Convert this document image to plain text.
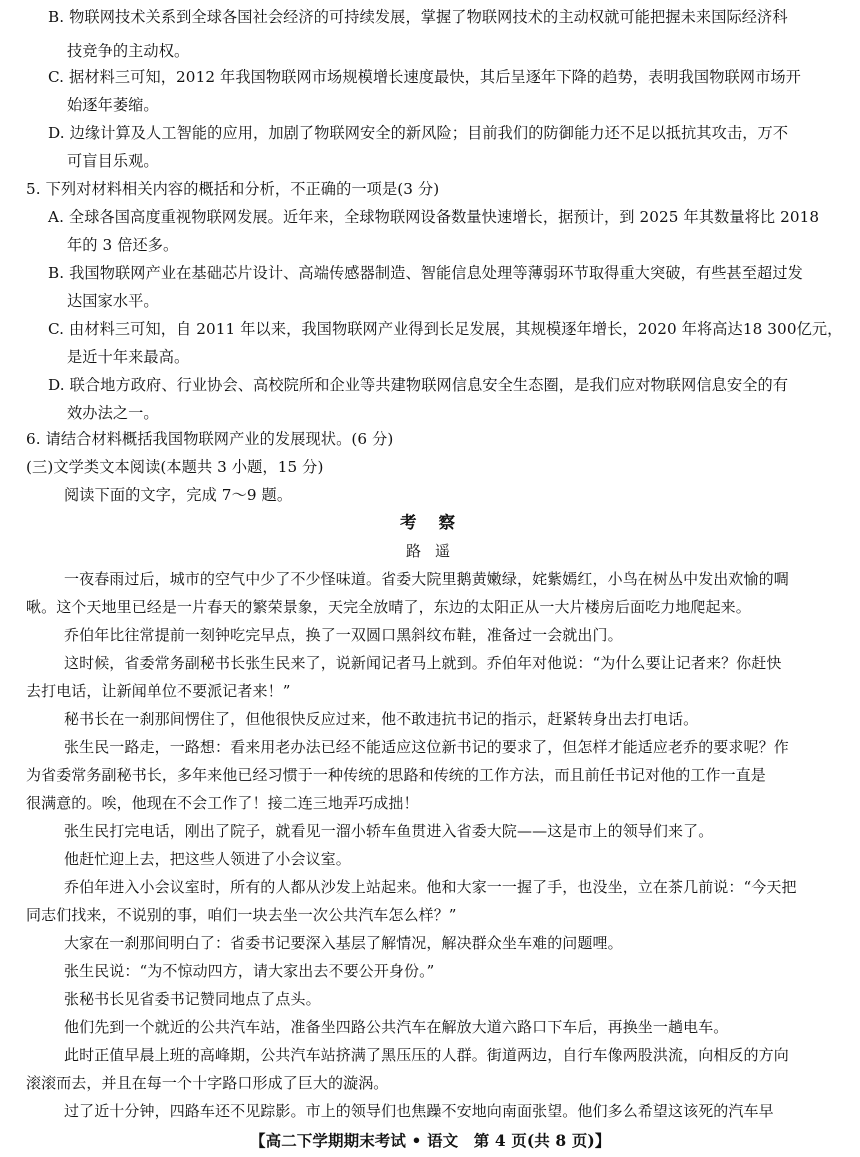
B. 物联网技术关系到全球各国社会经济的可持续发展，掌握了物联网技术的主动权就可能把握未来国际经济科
技竞争的主动权。
C. 据材料三可知，2012 年我国物联网市场规模增长速度最快，其后呈逐年下降的趋势，表明我国物联网市场开
始逐年萎缩。
D. 边缘计算及人工智能的应用，加剧了物联网安全的新风险；目前我们的防御能力还不足以抵抗其攻击，万不
可盲目乐观。
5. 下列对材料相关内容的概括和分析，不正确的一项是(3 分)
A. 全球各国高度重视物联网发展。近年来，全球物联网设备数量快速增长，据预计，到 2025 年其数量将比 2018
年的 3 倍还多。
B. 我国物联网产业在基础芯片设计、高端传感器制造、智能信息处理等薄弱环节取得重大突破，有些甚至超过发
达国家水平。
C. 由材料三可知，自 2011 年以来，我国物联网产业得到长足发展，其规模逐年增长，2020 年将高达18 300亿元，
是近十年来最高。
D. 联合地方政府、行业协会、高校院所和企业等共建物联网信息安全生态圈，是我们应对物联网信息安全的有
效办法之一。
6. 请结合材料概括我国物联网产业的发展现状。(6 分)
(三)文学类文本阅读(本题共 3 小题，15 分)
阅读下面的文字，完成 7～9 题。
考察
路遥
一夜春雨过后，城市的空气中少了不少怪味道。省委大院里鹅黄嫩绿，姹紫嫣红，小鸟在树丛中发出欢愉的啁
啾。这个天地里已经是一片春天的繁荣景象，天完全放晴了，东边的太阳正从一大片楼房后面吃力地爬起来。
乔伯年比往常提前一刻钟吃完早点，换了一双圆口黑斜纹布鞋，准备过一会就出门。
这时候，省委常务副秘书长张生民来了，说新闻记者马上就到。乔伯年对他说：“为什么要让记者来？你赶快
去打电话，让新闻单位不要派记者来！”
秘书长在一刹那间愣住了，但他很快反应过来，他不敢违抗书记的指示，赶紧转身出去打电话。
张生民一路走，一路想：看来用老办法已经不能适应这位新书记的要求了，但怎样才能适应老乔的要求呢？作
为省委常务副秘书长，多年来他已经习惯于一种传统的思路和传统的工作方法，而且前任书记对他的工作一直是
很满意的。唉，他现在不会工作了！接二连三地弄巧成拙！
张生民打完电话，刚出了院子，就看见一溜小轿车鱼贯进入省委大院——这是市上的领导们来了。
他赶忙迎上去，把这些人领进了小会议室。
乔伯年进入小会议室时，所有的人都从沙发上站起来。他和大家一一握了手，也没坐，立在茶几前说：“今天把
同志们找来，不说别的事，咱们一块去坐一次公共汽车怎么样？”
大家在一刹那间明白了：省委书记要深入基层了解情况，解决群众坐车难的问题哩。
张生民说：“为不惊动四方，请大家出去不要公开身份。”
张秘书长见省委书记赞同地点了点头。
他们先到一个就近的公共汽车站，准备坐四路公共汽车在解放大道六路口下车后，再换坐一趟电车。
此时正值早晨上班的高峰期，公共汽车站挤满了黑压压的人群。街道两边，自行车像两股洪流，向相反的方向
滚滚而去，并且在每一个十字路口形成了巨大的漩涡。
过了近十分钟，四路车还不见踪影。市上的领导们也焦躁不安地向南面张望。他们多么希望这该死的汽车早
【高二下学期期末考试 • 语文　第 4 页(共 8 页)】
